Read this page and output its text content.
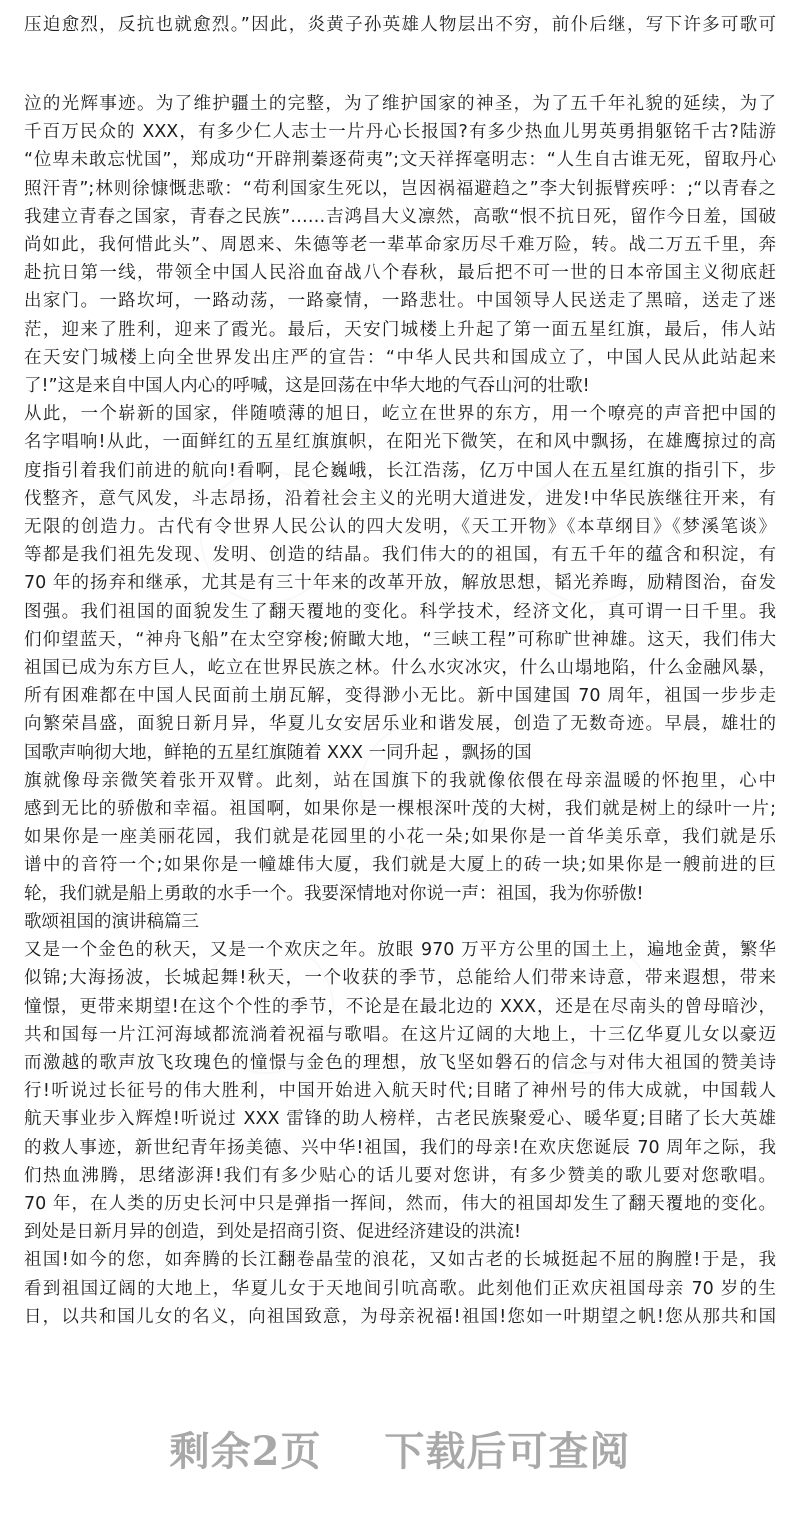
压迫愈烈，反抗也就愈烈。”因此，炎黄子孙英雄人物层出不穷，前仆后继，写下许多可歌可
泣的光辉事迹。为了维护疆土的完整，为了维护国家的神圣，为了五千年礼貌的延续，为了
千百万民众的 XXX，有多少仁人志士一片丹心长报国?有多少热血儿男英勇捐躯铭千古?陆游
“位卑未敢忘忧国”，郑成功“开辟荆蓁逐荷夷”;文天祥挥毫明志：“人生自古谁无死，留取丹心
照汗青”;林则徐慷慨悲歌：“苟利国家生死以，岂因祸福避趋之”李大钊振臂疾呼：;“以青春之
我建立青春之国家，青春之民族”……吉鸿昌大义凛然，高歌“恨不抗日死，留作今日羞，国破
尚如此，我何惜此头”、周恩来、朱德等老一辈革命家历尽千难万险，转。战二万五千里，奔
赴抗日第一线，带领全中国人民浴血奋战八个春秋，最后把不可一世的日本帝国主义彻底赶
出家门。一路坎坷，一路动荡，一路豪情，一路悲壮。中国领导人民送走了黑暗，送走了迷
茫，迎来了胜利，迎来了霞光。最后，天安门城楼上升起了第一面五星红旗，最后，伟人站
在天安门城楼上向全世界发出庄严的宣告：“中华人民共和国成立了，中国人民从此站起来
了!”这是来自中国人内心的呼喊，这是回荡在中华大地的气吞山河的壮歌!
从此，一个崭新的国家，伴随喷薄的旭日，屹立在世界的东方，用一个嘹亮的声音把中国的
名字唱响!从此，一面鲜红的五星红旗旗帜，在阳光下微笑，在和风中飘扬，在雄鹰掠过的高
度指引着我们前进的航向!看啊，昆仑巍峨，长江浩荡，亿万中国人在五星红旗的指引下，步
伐整齐，意气风发，斗志昂扬，沿着社会主义的光明大道进发，进发!中华民族继往开来，有
无限的创造力。古代有令世界人民公认的四大发明，《天工开物》《本草纲目》《梦溪笔谈》
等都是我们祖先发现、发明、创造的结晶。我们伟大的的祖国，有五千年的蕴含和积淀，有
70 年的扬弃和继承，尤其是有三十年来的改革开放，解放思想，韬光养晦，励精图治，奋发
图强。我们祖国的面貌发生了翻天覆地的变化。科学技术，经济文化，真可谓一日千里。我
们仰望蓝天，“神舟飞船”在太空穿梭;俯瞰大地，“三峡工程”可称旷世神雄。这天，我们伟大
祖国已成为东方巨人，屹立在世界民族之林。什么水灾冰灾，什么山塌地陷，什么金融风暴，
所有困难都在中国人民面前土崩瓦解，变得渺小无比。新中国建国 70 周年，祖国一步步走
向繁荣昌盛，面貌日新月异，华夏儿女安居乐业和谐发展，创造了无数奇迹。早晨，雄壮的
国歌声响彻大地，鲜艳的五星红旗随着 XXX 一同升起 ，飘扬的国
旗就像母亲微笑着张开双臂。此刻，站在国旗下的我就像依偎在母亲温暖的怀抱里，心中
感到无比的骄傲和幸福。祖国啊，如果你是一棵根深叶茂的大树，我们就是树上的绿叶一片;
如果你是一座美丽花园，我们就是花园里的小花一朵;如果你是一首华美乐章，我们就是乐
谱中的音符一个;如果你是一幢雄伟大厦，我们就是大厦上的砖一块;如果你是一艘前进的巨
轮，我们就是船上勇敢的水手一个。我要深情地对你说一声：祖国，我为你骄傲!
歌颂祖国的演讲稿篇三
又是一个金色的秋天，又是一个欢庆之年。放眼 970 万平方公里的国土上，遍地金黄，繁华
似锦;大海扬波，长城起舞!秋天，一个收获的季节，总能给人们带来诗意，带来遐想，带来
憧憬，更带来期望!在这个个性的季节，不论是在最北边的 XXX，还是在尽南头的曾母暗沙，
共和国每一片江河海域都流淌着祝福与歌唱。在这片辽阔的大地上，十三亿华夏儿女以豪迈
而激越的歌声放飞玫瑰色的憧憬与金色的理想，放飞坚如磐石的信念与对伟大祖国的赞美诗
行!听说过长征号的伟大胜利，中国开始进入航天时代;目睹了神州号的伟大成就，中国载人
航天事业步入辉煌!听说过 XXX 雷锋的助人榜样，古老民族聚爱心、暖华夏;目睹了长大英雄
的救人事迹，新世纪青年扬美德、兴中华!祖国，我们的母亲!在欢庆您诞辰 70 周年之际，我
们热血沸腾，思绪澎湃!我们有多少贴心的话儿要对您讲，有多少赞美的歌儿要对您歌唱。
70 年，在人类的历史长河中只是弹指一挥间，然而，伟大的祖国却发生了翻天覆地的变化。
到处是日新月异的创造，到处是招商引资、促进经济建设的洪流!
祖国!如今的您，如奔腾的长江翻卷晶莹的浪花，又如古老的长城挺起不屈的胸膛!于是，我
看到祖国辽阔的大地上，华夏儿女于天地间引吭高歌。此刻他们正欢庆祖国母亲 70 岁的生
日，以共和国儿女的名义，向祖国致意，为母亲祝福!祖国!您如一叶期望之帆!您从那共和国
剩余2页 下载后可查阅
